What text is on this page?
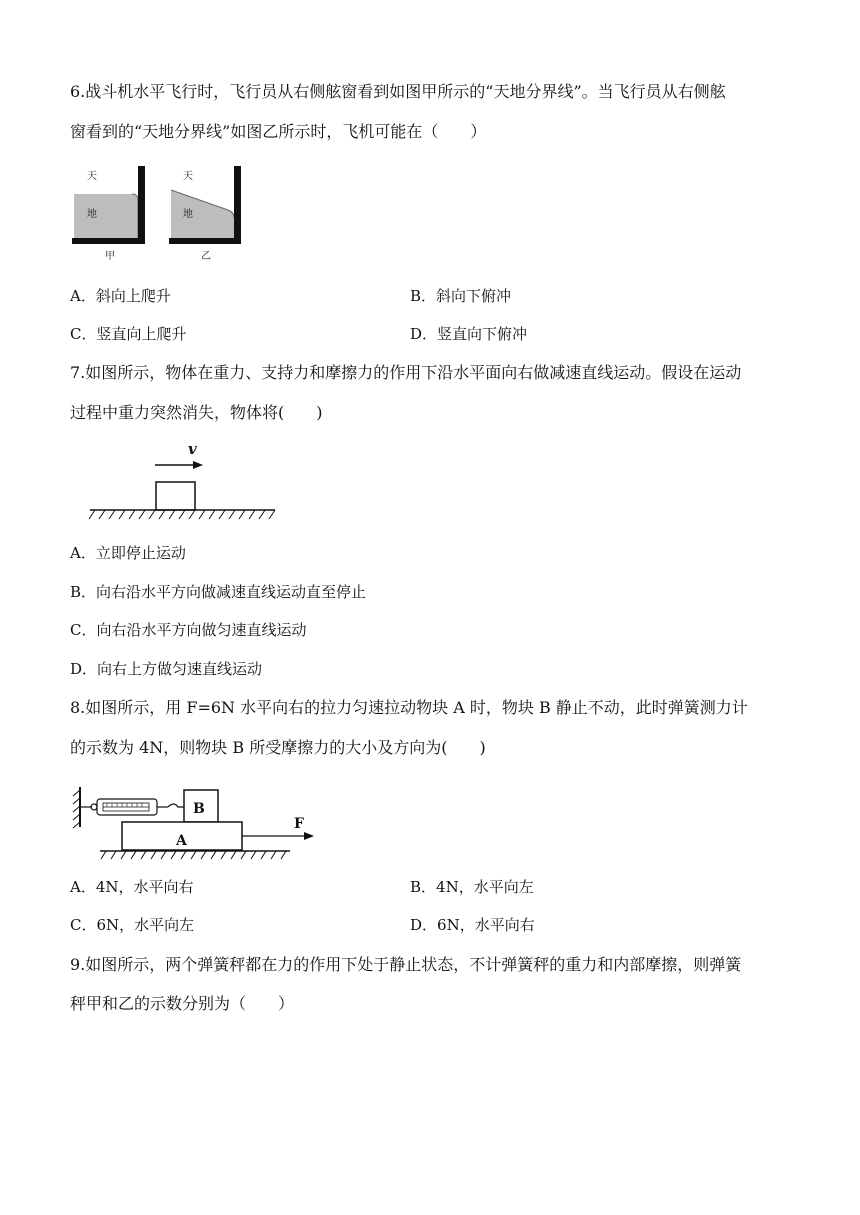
6.战斗机水平飞行时，飞行员从右侧舷窗看到如图甲所示的“天地分界线”。当飞行员从右侧舷
窗看到的“天地分界线”如图乙所示时，飞机可能在（　　）
天
地
甲
天
地
乙
A．斜向上爬升	B．斜向下俯冲
C．竖直向上爬升	D．竖直向下俯冲
7.如图所示，物体在重力、支持力和摩擦力的作用下沿水平面向右做减速直线运动。假设在运动
过程中重力突然消失，物体将(　　)
v
A．立即停止运动
B．向右沿水平方向做减速直线运动直至停止
C．向右沿水平方向做匀速直线运动
D．向右上方做匀速直线运动
8.如图所示，用 F=6N 水平向右的拉力匀速拉动物块 A 时，物块 B 静止不动，此时弹簧测力计
的示数为 4N，则物块 B 所受摩擦力的大小及方向为(　　)
B
A
F
A．4N，水平向右	B．4N，水平向左
C．6N，水平向左	D．6N，水平向右
9.如图所示，两个弹簧秤都在力的作用下处于静止状态，不计弹簧秤的重力和内部摩擦，则弹簧
秤甲和乙的示数分别为（　　）
